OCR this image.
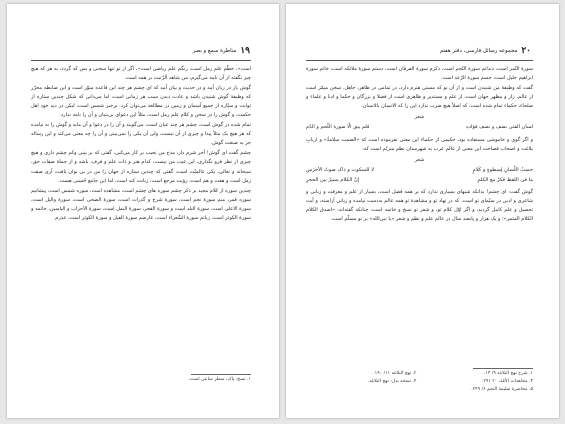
۱۹
مناظرهٔ سمع و بصر

است»، خطّم علم رمل است، رنگم علم ریاضی است»، اگر از تو تنها سخنی و بس که گردد، به هر که هیچ چیز نگفته از آن نامه می‌گیرم، من شاهد اَلرّتبت بر همه است.

گوش باز در زبان آمد و در حدیث و بیان آمد که ای چشم هر چند این قاعده منوّر است و این ضابطه محرّر که وظیفهٔ گوش شنیدن باشد و عادت دیدن سبب هر زمانی است، اما می‌دانی که شکل چندین ستاره از ثوابت و سیّاره از جمیع آسمان و زمین در مطالعه می‌توان کرد. برخبر شمس است، لیکن در دید خود اهل حکمت، و گوش را در سخن و کلام علم رمل است، مثلاً این دعوای بی‌بنیان و آن را نامه ندارد.

تمام شده در گوش است، چشم هر چند عیان است، می‌گویند و آن را در دعوا و آن مایه و گوش را نه نیامده که هر هیچ یک مثلاً پیدا و چیزی از آن نیست، ولی آن یکی را نمی‌بینی و آن را چه معنی می‌کند و این رساله جز به صنعت گوش.

چشم گفت ای گوش! آخر شرم دار، مدح من نجیب بر کار می‌کنی، گفتی که بر بینی وکم چشم داری و هیچ چیزی از نظر فرو نگذاری، این عیب من نیست، کدام هنر و ذات علم و فرف، باشد و از جملهٔ صفات حق، سبحانه و تعالی، یکی عالمیّت است، گفتی که چندین ستاره از جهان را من در بی نوان یافت، آری صفت زمل است و هفت و هم است، رؤیت مرجع است، زبانت کند است، اما این جامع حُسنی هست.

چندین سوره از کلام مجید بر ذکر چشم سوره های چشم است، مشاهده است، سوره شمس است، پیشانیم سوره قمر، منم سورهٔ نجم است، سورهٔ شرح و گذرات است، سورهٔ الضحی است، سورهٔ والیل است، سورهٔ الاعلی است، سورهٔ البلد است و سورهٔ الفجر، سورهٔ النمل است، سورهٔ الأحزاب و الیاسین، خاتمه و سورهٔ الکوثر است، زبانم سورهٔ الشّعراء است، عارضم سورهٔ الفیل و سورهٔ الکوثر است، عذرم.

۱. نسخ: پاک، سطر ساعی است.
۲۰
مجموعه رسائل فارسی، دفتر هفتم

سورهٔ النّمر است، دندانم سورهٔ النّجم است، ذکرم سورهٔ الفرقان است، دستم سورهٔ ملائکه است، خاتم سورهٔ ابراهیم خلیل است، جسم سورهٔ الرّعد است.

گفت که وظیفهٔ من شنیدن است و از آن تو که مستی هنرم دارد، در تمامی در ظاهر، جاهل. سخن میمّز است از عالم، زار و مظهر جهان است، از علم و مستدیر و ظاهری است از فضلا و بزرگان و حکما و ادبا و علماء و صلحاء، حکماء تمام شده است، که اصلاً هیچ ضرب ندارد این را که الانسان بالانسان.

شعر
لسان الفتی نصف و نصف فؤاده
فلم یبق الّا صورة اللّحم و الدّم

و اگر گوی و خاموشی مستفاده بود، حکیمی از حکماء این معنی تفرموده است که «الصمت سلامةٌ» و اربابِ بلاغت و اصحاب فصاحت این معنی از عالم عرب به شهرستان نظم مترنّم است که:

شعر
حسبُ اللّسانِ لِسطوةٍ و کَلامٍ
لا للسکوت و ذاک صوتُ الأخرَسِ
ما فی اللفظ فکرٌ مع الکلمِ
إنّ الکلام یسیرٌ بین الحجرِ

گوش گفت: ای چشم! بدانکه شبهای بسیاری ندارد که بر همه فضل است، بسیار از علم و معرفت و زبانی و شاعری و ادبی در سیّمای تو است، که در نهاد تو و مشاهدهٔ تو همه عالم به‌دست نیامده و زبانی آراسته، و آیت تحصیل و علم کامل گردید، و اگر اوّل کلام تو، و شعر تو نسخ و خاتمه است، چنانکه گفته‌اند: «اصدق الکلام الکلام المثمر»؛ و یک هزار و پانصد سال در عالم علم و نظم و شعر «یا نبی‌الله» بر تو مسلّم است.

۱. شرح نهج البلاغه ۹/ ۱۳.
۲. نهج البلاغه ۱۱/ ۱۹۰.
۳. مجاهدات الأمّة، ۲۰ ۲۹۱.
۴. نسخه بدل: نهج البلاغه.
۵. محاضرة سلیمة النجم ۶/ ۲۴۹.
